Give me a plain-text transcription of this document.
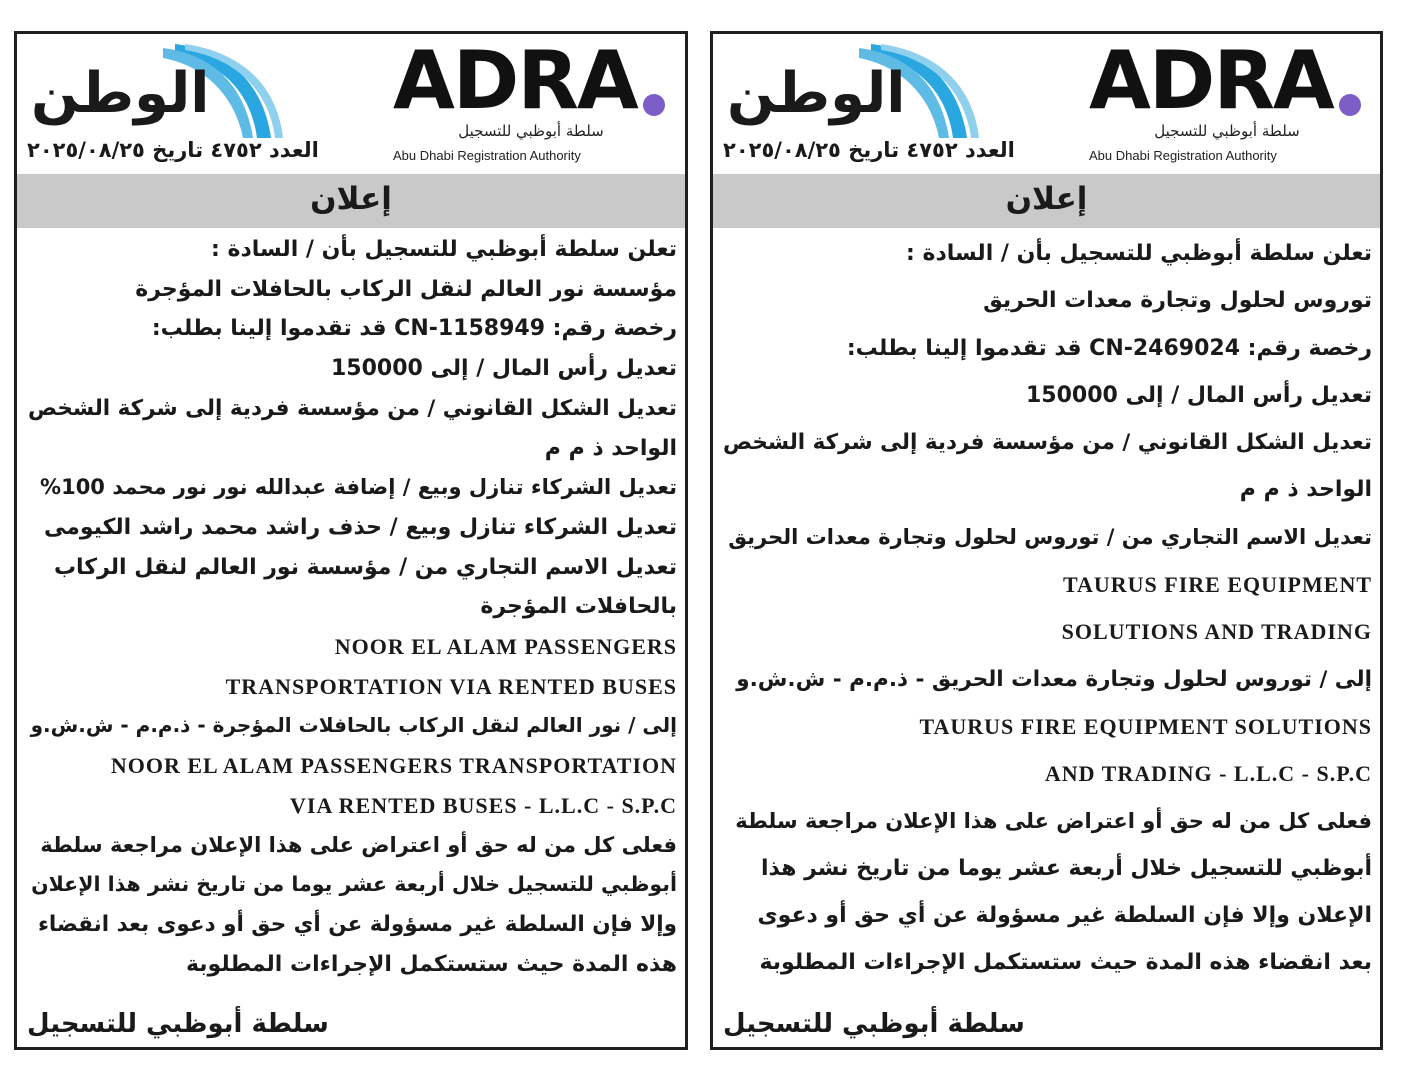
الوطن
العدد ٤٧٥٢ تاريخ ٢٠٢٥/٠٨/٢٥
ADRA
سلطة أبوظبي للتسجيل
Abu Dhabi Registration Authority
إعلان
تعلن سلطة أبوظبي للتسجيل بأن / السادة :
مؤسسة نور العالم لنقل الركاب بالحافلات المؤجرة
رخصة رقم: CN-1158949 قد تقدموا إلينا بطلب:
تعديل رأس المال / إلى 150000
تعديل الشكل القانوني / من مؤسسة فردية إلى شركة الشخص
الواحد ذ م م
تعديل الشركاء تنازل وبيع / إضافة عبدالله نور نور محمد 100%
تعديل الشركاء تنازل وبيع / حذف راشد محمد راشد الكيومى
تعديل الاسم التجاري من / مؤسسة نور العالم لنقل الركاب
بالحافلات المؤجرة
NOOR EL ALAM PASSENGERS
TRANSPORTATION VIA RENTED BUSES
إلى / نور العالم لنقل الركاب بالحافلات المؤجرة - ذ.م.م - ش.ش.و
NOOR EL ALAM PASSENGERS TRANSPORTATION
VIA RENTED BUSES - L.L.C - S.P.C
فعلى كل من له حق أو اعتراض على هذا الإعلان مراجعة سلطة
أبوظبي للتسجيل خلال أربعة عشر يوما من تاريخ نشر هذا الإعلان
وإلا فإن السلطة غير مسؤولة عن أي حق أو دعوى بعد انقضاء
هذه المدة حيث ستستكمل الإجراءات المطلوبة
سلطة أبوظبي للتسجيل
الوطن
العدد ٤٧٥٢ تاريخ ٢٠٢٥/٠٨/٢٥
ADRA
سلطة أبوظبي للتسجيل
Abu Dhabi Registration Authority
إعلان
تعلن سلطة أبوظبي للتسجيل بأن / السادة :
توروس لحلول وتجارة معدات الحريق
رخصة رقم: CN-2469024 قد تقدموا إلينا بطلب:
تعديل رأس المال / إلى 150000
تعديل الشكل القانوني / من مؤسسة فردية إلى شركة الشخص
الواحد ذ م م
تعديل الاسم التجاري من / توروس لحلول وتجارة معدات الحريق
TAURUS FIRE EQUIPMENT
SOLUTIONS AND TRADING
إلى / توروس لحلول وتجارة معدات الحريق - ذ.م.م - ش.ش.و
TAURUS FIRE EQUIPMENT SOLUTIONS
AND TRADING - L.L.C - S.P.C
فعلى كل من له حق أو اعتراض على هذا الإعلان مراجعة سلطة
أبوظبي للتسجيل خلال أربعة عشر يوما من تاريخ نشر هذا
الإعلان وإلا فإن السلطة غير مسؤولة عن أي حق أو دعوى
بعد انقضاء هذه المدة حيث ستستكمل الإجراءات المطلوبة
سلطة أبوظبي للتسجيل
